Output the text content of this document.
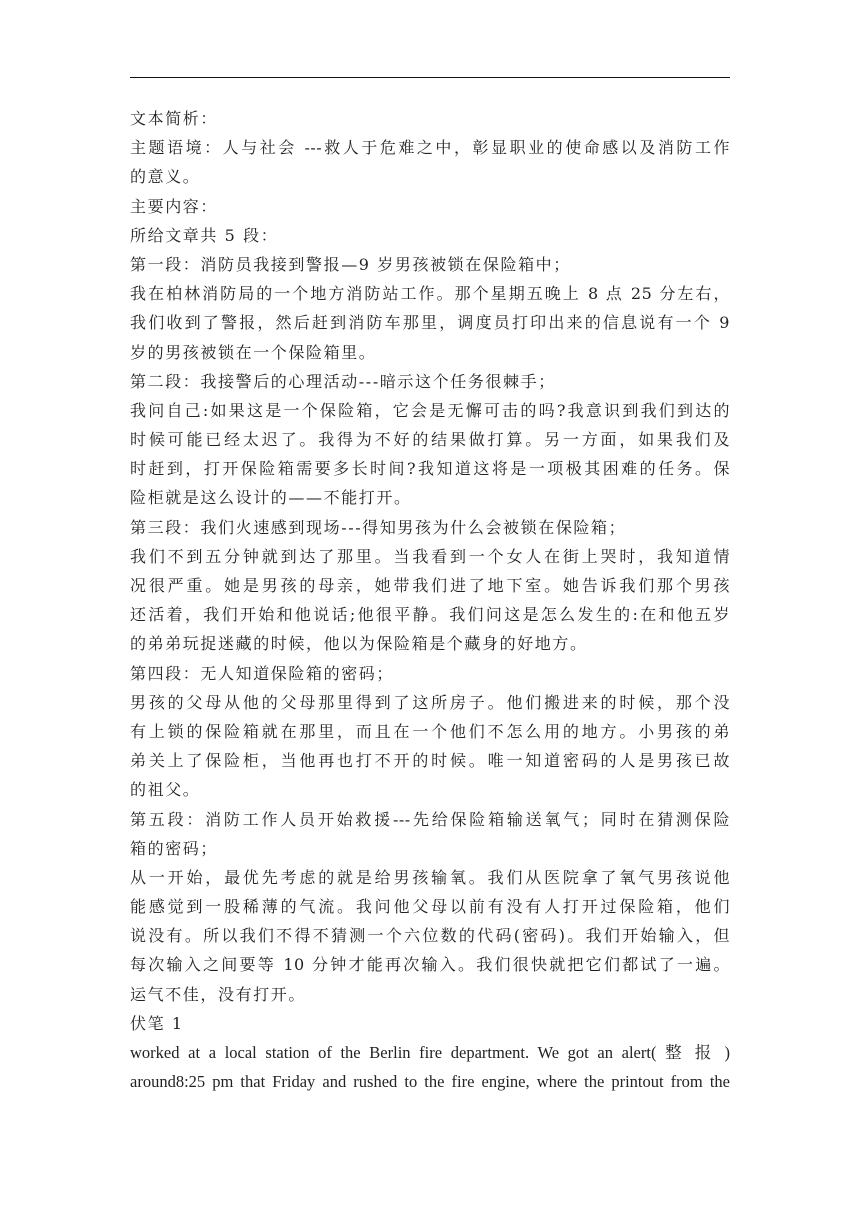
文本简析：
主题语境：人与社会 ---救人于危难之中，彰显职业的使命感以及消防工作
的意义。
主要内容：
所给文章共 5 段：
第一段：消防员我接到警报—9 岁男孩被锁在保险箱中；
我在柏林消防局的一个地方消防站工作。那个星期五晚上 8 点 25 分左右，
我们收到了警报，然后赶到消防车那里，调度员打印出来的信息说有一个 9
岁的男孩被锁在一个保险箱里。
第二段：我接警后的心理活动---暗示这个任务很棘手；
我问自己:如果这是一个保险箱，它会是无懈可击的吗?我意识到我们到达的
时候可能已经太迟了。我得为不好的结果做打算。另一方面，如果我们及
时赶到，打开保险箱需要多长时间?我知道这将是一项极其困难的任务。保
险柜就是这么设计的——不能打开。
第三段：我们火速感到现场---得知男孩为什么会被锁在保险箱；
我们不到五分钟就到达了那里。当我看到一个女人在街上哭时，我知道情
况很严重。她是男孩的母亲，她带我们进了地下室。她告诉我们那个男孩
还活着，我们开始和他说话;他很平静。我们问这是怎么发生的:在和他五岁
的弟弟玩捉迷藏的时候，他以为保险箱是个藏身的好地方。
第四段：无人知道保险箱的密码；
男孩的父母从他的父母那里得到了这所房子。他们搬进来的时候，那个没
有上锁的保险箱就在那里，而且在一个他们不怎么用的地方。小男孩的弟
弟关上了保险柜，当他再也打不开的时候。唯一知道密码的人是男孩已故
的祖父。
第五段：消防工作人员开始救援---先给保险箱输送氧气；同时在猜测保险
箱的密码；
从一开始，最优先考虑的就是给男孩输氧。我们从医院拿了氧气男孩说他
能感觉到一股稀薄的气流。我问他父母以前有没有人打开过保险箱，他们
说没有。所以我们不得不猜测一个六位数的代码(密码)。我们开始输入，但
每次输入之间要等 10 分钟才能再次输入。我们很快就把它们都试了一遍。
运气不佳，没有打开。
伏笔 1
worked at a local station of the Berlin fire department. We got an alert( 整 报 )
around8:25 pm that Friday and rushed to the fire engine, where the printout from the
